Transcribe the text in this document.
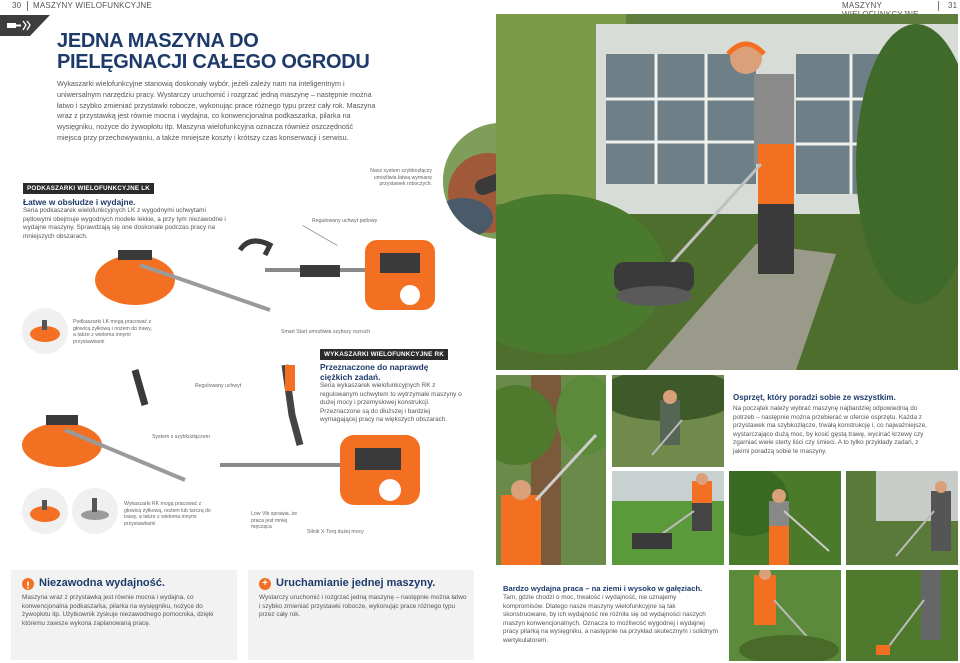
30 MASZYNY WIELOFUNKCYJNE	MASZYNY	31
JEDNA MASZYNA DO
PIELĘGNACJI CAŁEGO OGRODU
Wykaszarki wielofunkcyjne stanowią doskonały wybór, jeżeli zależy nam na inteligentnym i uniwersalnym narzędziu pracy. Wystarczy uruchomić i rozgrzać jedną maszynę – następnie można łatwo i szybko zmieniać przystawki robocze, wykonując prace różnego typu przez cały rok. Maszyna wraz z przystawką jest równie mocna i wydajna, co konwencjonalna podkaszarka, pilarka na wysięgniku, nożyce do żywopłotu itp. Maszyna wielofunkcyjna oznacza również oszczędność miejsca przy przechowywaniu, a także mniejsze koszty i krótszy czas konserwacji i serwisu.
PODKASZARKI WIELOFUNKCYJNE LK
Łatwe w obsłudze i wydajne.
Seria podkaszarek wielofunkcyjnych LK z wygodnymi uchwytami pętlowymi obejmuje wygodnych modele lekkie, a przy tym niezawodne i wydajne maszyny. Sprawdzają się one doskonale podczas pracy na mniejszych obszarach.
Nasz system szybkozłączy umożliwia łatwą wymianę przystawek roboczych.
Regulowany uchwyt pętlowy
Podkaszarki LK mogą pracować z głowicą żyłkową i nożem do trawy, a także z wieloma innymi przystawkami
Smart Start umożliwia szybszy rozruch
WYKASZARKI WIELOFUNKCYJNE RK
Przeznaczone do naprawdę ciężkich zadań.
Seria wykaszarek wielofunkcyjnych RK z regulowanym uchwytem to wytrzymałe maszyny o dużej mocy i przemysłowej konstrukcji. Przeznaczone są do dłuższej i bardziej wymagającej pracy na większych obszarach.
Regulowany uchwyt
System z szybkozłączem
Wykaszarki RK mogą pracować z głowicą żyłkową, nożem lub tarczą do trawy, a także z wieloma innymi przystawkami
Low Vib sprawia, że praca jest mniej męcząca
Silnik X-Torq dużej mocy
Niezawodna wydajność.
Maszyna wraz z przystawką jest równie mocna i wydajna, co konwencjonalna podkaszarka, pilarka na wysięgniku, nożyce do żywopłotu itp. Użytkownik zyskuje niezawodnego pomocnika, dzięki któremu zawsze wykona zaplanowaną pracę.
+ Uruchamianie jednej maszyny.
Wystarczy uruchomić i rozgrzać jedną maszynę – następnie można łatwo i szybko zmieniać przystawki robocze, wykonując prace różnego typu przez cały rok.
Osprzęt, który poradzi sobie ze wszystkim.
Na początek należy wybrać maszynę najbardziej odpowiednią do potrzeb – następnie można przebierać w ofercie osprzętu. Każda z przystawek ma szybkozłącze, trwałą konstrukcję i, co najważniejsze, wystarczająco dużą moc, by kosić gęstą trawę, wycinać krzewy czy zgarniać wiele sterty liści czy śmieci. A to tylko przykłady zadań, z jakimi poradzą sobie te maszyny.
Bardzo wydajna praca – na ziemi i wysoko w gałęziach.
Tam, gdzie chodzi o moc, trwałość i wydajność, nie uznajemy kompromisów. Dlatego nasze maszyny wielofunkcyjne są tak skonstruowane, by ich wydajność nie różniła się od wydajności naszych maszyn konwencjonalnych. Oznacza to możliwość wygodnej i wydajnej pracy pilarką na wysięgniku, a następnie na przykład skutecznym i solidnym wertykulatorem.
